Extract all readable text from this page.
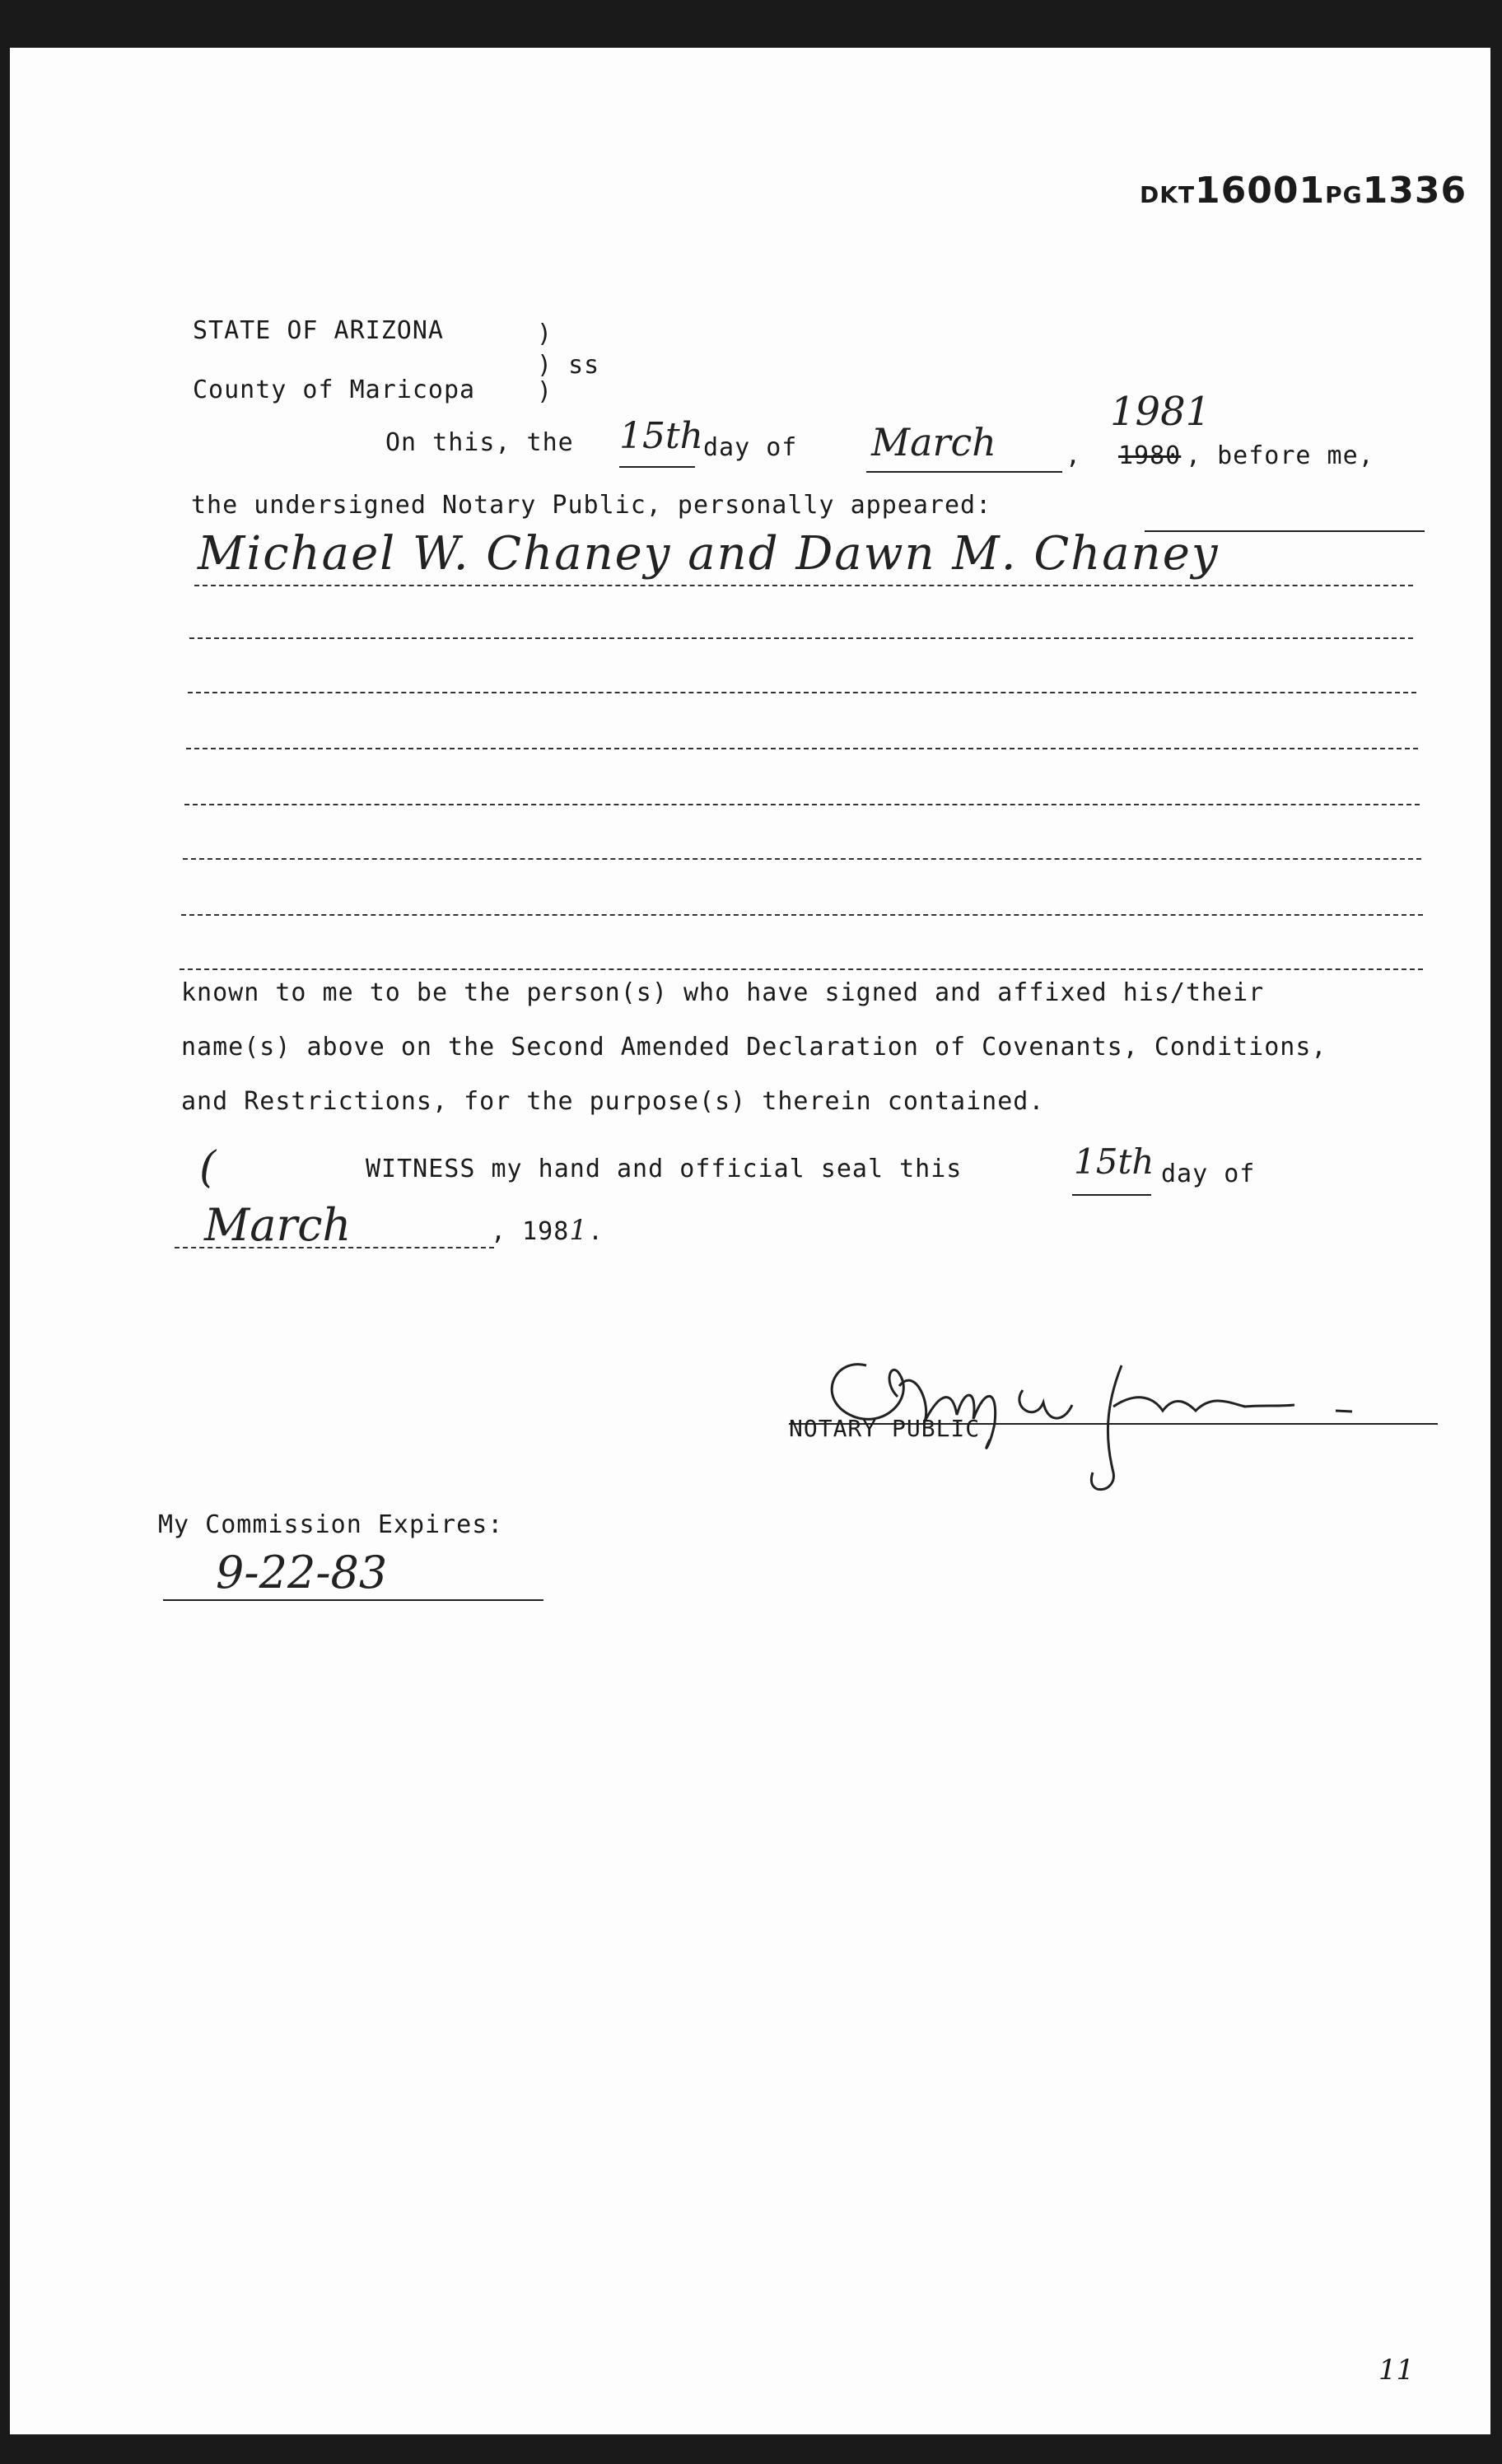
DKT16001PG1336
STATE OF ARIZONA	)
) ss
County of Maricopa )
On this, the 15th day of March	,
1981
1980 , before me,
the undersigned Notary Public, personally appeared:
Michael W. Chaney and Dawn M. Chaney
known to me to be the person(s) who have signed and affixed his/their
name(s) above on the Second Amended Declaration of Covenants, Conditions,
and Restrictions, for the purpose(s) therein contained.
(	WITNESS my hand and official seal this	15th day of
March	, 1981.
NOTARY PUBLIC
My Commission Expires:
9-22-83
11
